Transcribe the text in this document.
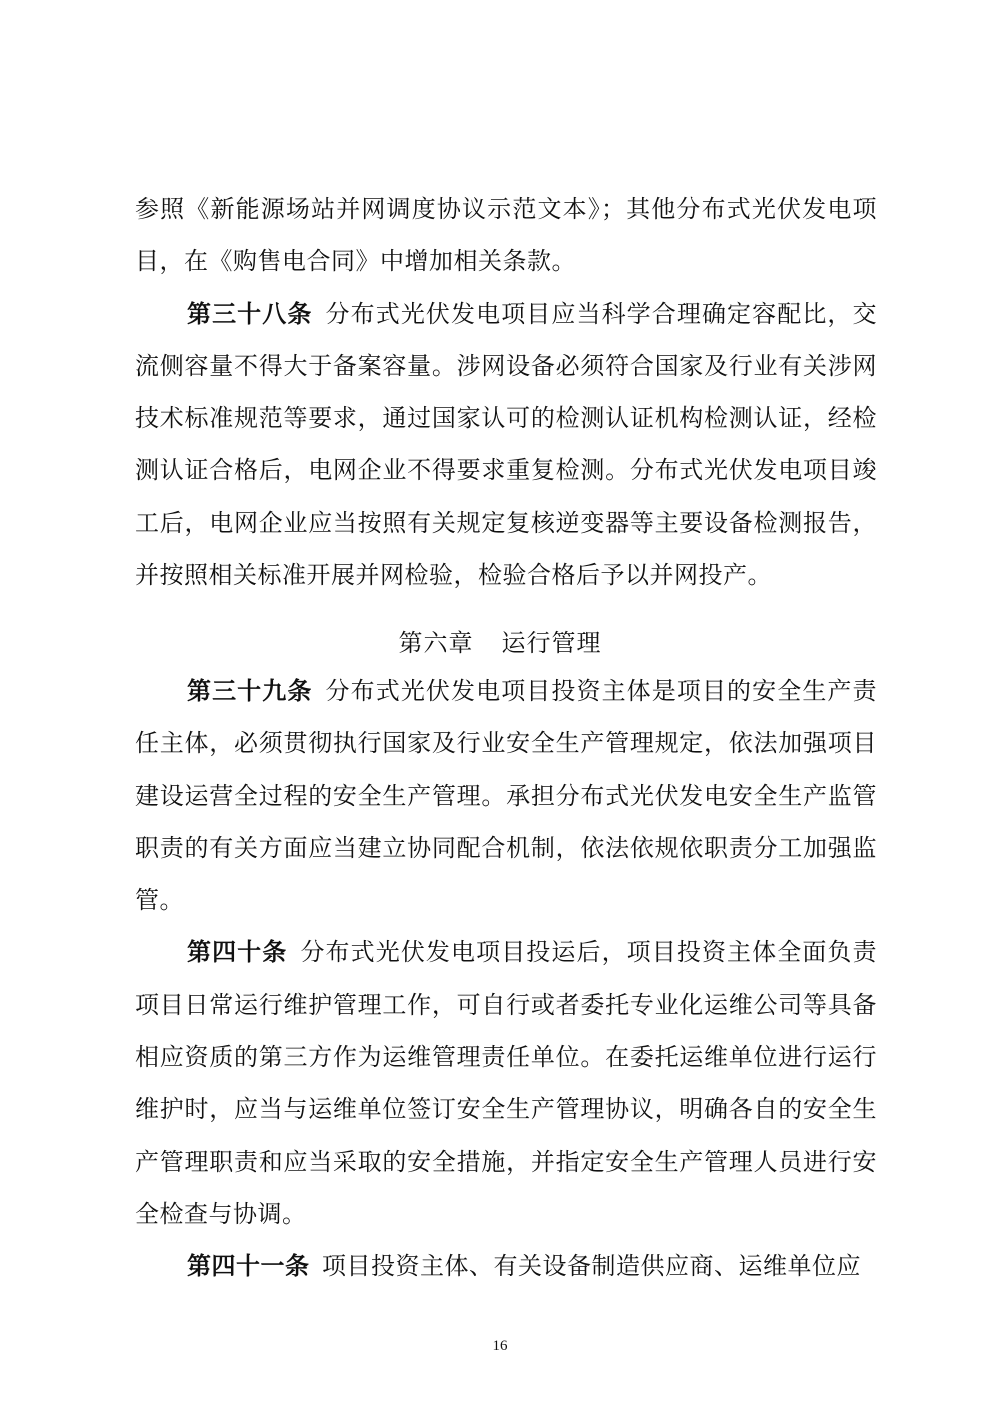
参照《新能源场站并网调度协议示范文本》；其他分布式光伏发电项目，在《购售电合同》中增加相关条款。

第三十八条  分布式光伏发电项目应当科学合理确定容配比，交流侧容量不得大于备案容量。涉网设备必须符合国家及行业有关涉网技术标准规范等要求，通过国家认可的检测认证机构检测认证，经检测认证合格后，电网企业不得要求重复检测。分布式光伏发电项目竣工后，电网企业应当按照有关规定复核逆变器等主要设备检测报告，并按照相关标准开展并网检验，检验合格后予以并网投产。

第六章 运行管理

第三十九条  分布式光伏发电项目投资主体是项目的安全生产责任主体，必须贯彻执行国家及行业安全生产管理规定，依法加强项目建设运营全过程的安全生产管理。承担分布式光伏发电安全生产监管职责的有关方面应当建立协同配合机制，依法依规依职责分工加强监管。

第四十条  分布式光伏发电项目投运后，项目投资主体全面负责项目日常运行维护管理工作，可自行或者委托专业化运维公司等具备相应资质的第三方作为运维管理责任单位。在委托运维单位进行运行维护时，应当与运维单位签订安全生产管理协议，明确各自的安全生产管理职责和应当采取的安全措施，并指定安全生产管理人员进行安全检查与协调。

第四十一条  项目投资主体、有关设备制造供应商、运维单位应

16
